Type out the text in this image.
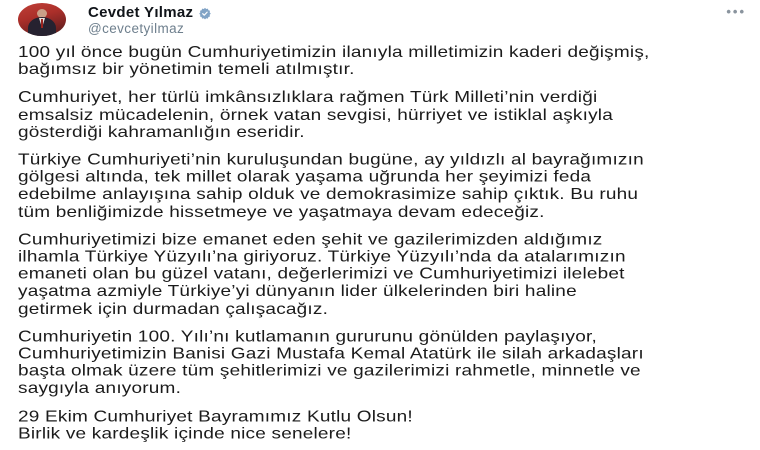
Cevdet Yılmaz
@cevcetyilmaz
•••
100 yıl önce bugün Cumhuriyetimizin ilanıyla milletimizin kaderi değişmiş,
bağımsız bir yönetimin temeli atılmıştır.
Cumhuriyet, her türlü imkânsızlıklara rağmen Türk Milleti’nin verdiği
emsalsiz mücadelenin, örnek vatan sevgisi, hürriyet ve istiklal aşkıyla
gösterdiği kahramanlığın eseridir.
Türkiye Cumhuriyeti’nin kuruluşundan bugüne, ay yıldızlı al bayrağımızın
gölgesi altında, tek millet olarak yaşama uğrunda her şeyimizi feda
edebilme anlayışına sahip olduk ve demokrasimize sahip çıktık. Bu ruhu
tüm benliğimizde hissetmeye ve yaşatmaya devam edeceğiz.
Cumhuriyetimizi bize emanet eden şehit ve gazilerimizden aldığımız
ilhamla Türkiye Yüzyılı’na giriyoruz. Türkiye Yüzyılı’nda da atalarımızın
emaneti olan bu güzel vatanı, değerlerimizi ve Cumhuriyetimizi ilelebet
yaşatma azmiyle Türkiye’yi dünyanın lider ülkelerinden biri haline
getirmek için durmadan çalışacağız.
Cumhuriyetin 100. Yılı’nı kutlamanın gururunu gönülden paylaşıyor,
Cumhuriyetimizin Banisi Gazi Mustafa Kemal Atatürk ile silah arkadaşları
başta olmak üzere tüm şehitlerimizi ve gazilerimizi rahmetle, minnetle ve
saygıyla anıyorum.
29 Ekim Cumhuriyet Bayramımız Kutlu Olsun!
Birlik ve kardeşlik içinde nice senelere!
